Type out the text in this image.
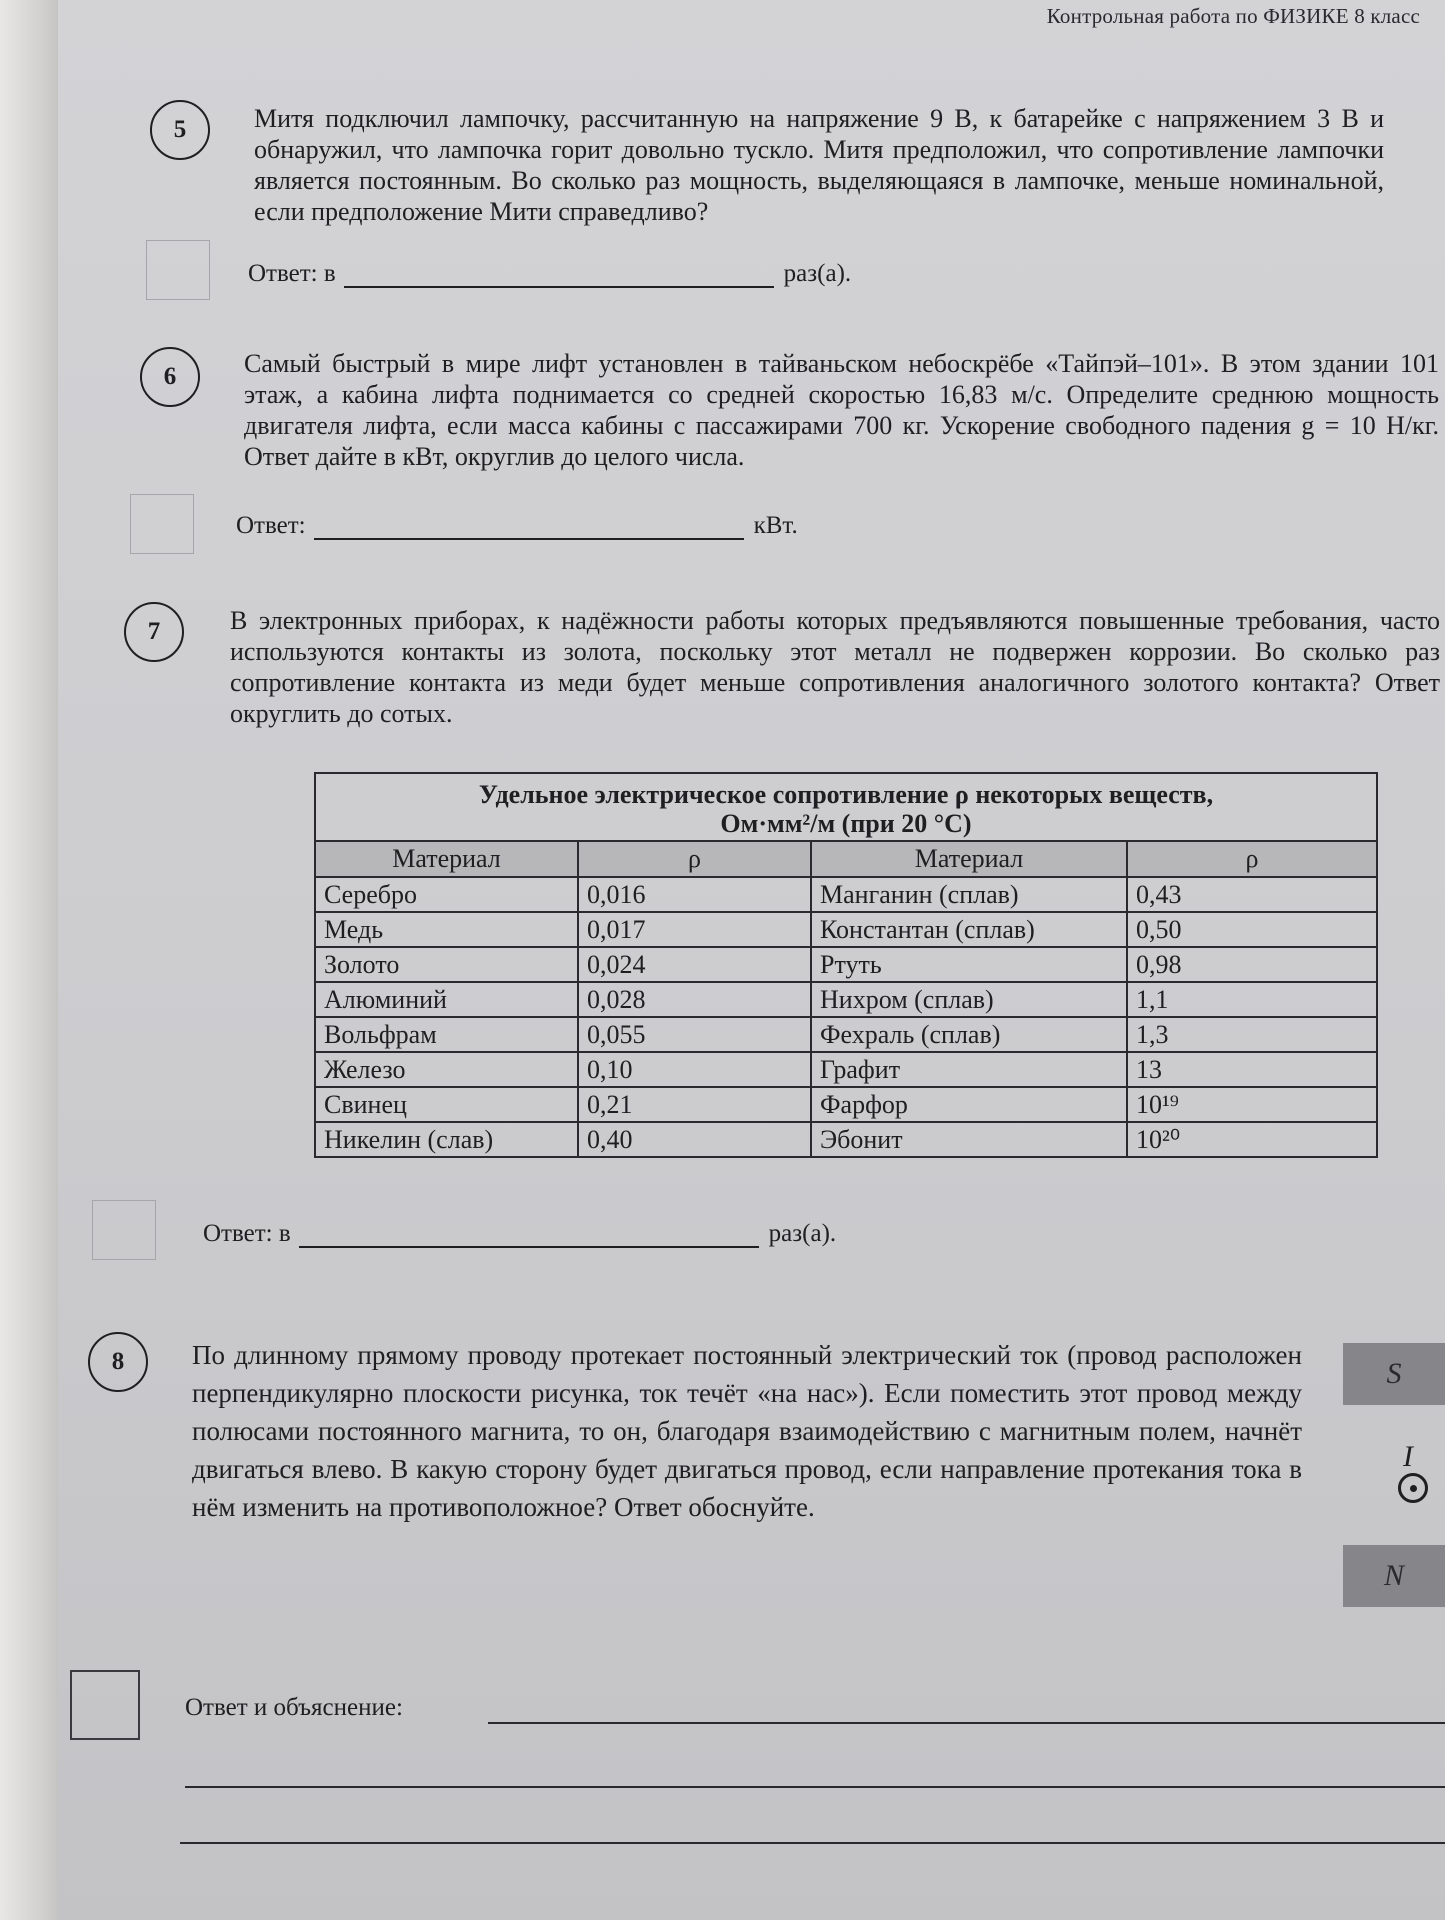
Контрольная работа по ФИЗИКЕ 8 класс
5	Митя подключил лампочку, рассчитанную на напряжение 9 В, к батарейке с напряжением 3 В и обнаружил, что лампочка горит довольно тускло. Митя предположил, что сопротивление лампочки является постоянным. Во сколько раз мощность, выделяющаяся в лампочке, меньше номинальной, если предположение Мити справедливо?

Ответ: в	раз(а).
6	Самый быстрый в мире лифт установлен в тайваньском небоскрёбе «Тайпэй–101». В этом здании 101 этаж, а кабина лифта поднимается со средней скоростью 16,83 м/с. Определите среднюю мощность двигателя лифта, если масса кабины с пассажирами 700 кг. Ускорение свободного падения g = 10 Н/кг. Ответ дайте в кВт, округлив до целого числа.

Ответ:	кВт.
7	В электронных приборах, к надёжности работы которых предъявляются повышенные требования, часто используются контакты из золота, поскольку этот металл не подвержен коррозии. Во сколько раз сопротивление контакта из меди будет меньше сопротивления аналогичного золотого контакта? Ответ округлить до сотых.

Удельное электрическое сопротивление ρ некоторых веществ,
Ом·мм²/м (при 20 °С)			
Материал	ρ	Материал	ρ
Серебро	0,016	Манганин (сплав)	0,43
Медь	0,017	Константан (сплав)	0,50
Золото	0,024	Ртуть	0,98
Алюминий	0,028	Нихром (сплав)	1,1
Вольфрам	0,055	Фехраль (сплав)	1,3
Железо	0,10	Графит	13
Свинец	0,21	Фарфор	10¹⁹
Никелин (слав)	0,40	Эбонит	10²⁰
Ответ: в	раз(а).
8	По длинному прямому проводу протекает постоянный электрический ток (провод расположен перпендикулярно плоскости рисунка, ток течёт «на нас»). Если поместить этот провод между полюсами постоянного магнита, то он, благодаря взаимодействию с магнитным полем, начнёт двигаться влево. В какую сторону будет двигаться провод, если направление протекания тока в нём изменить на противоположное? Ответ обоснуйте.

S
I
N
Ответ и объяснение:
